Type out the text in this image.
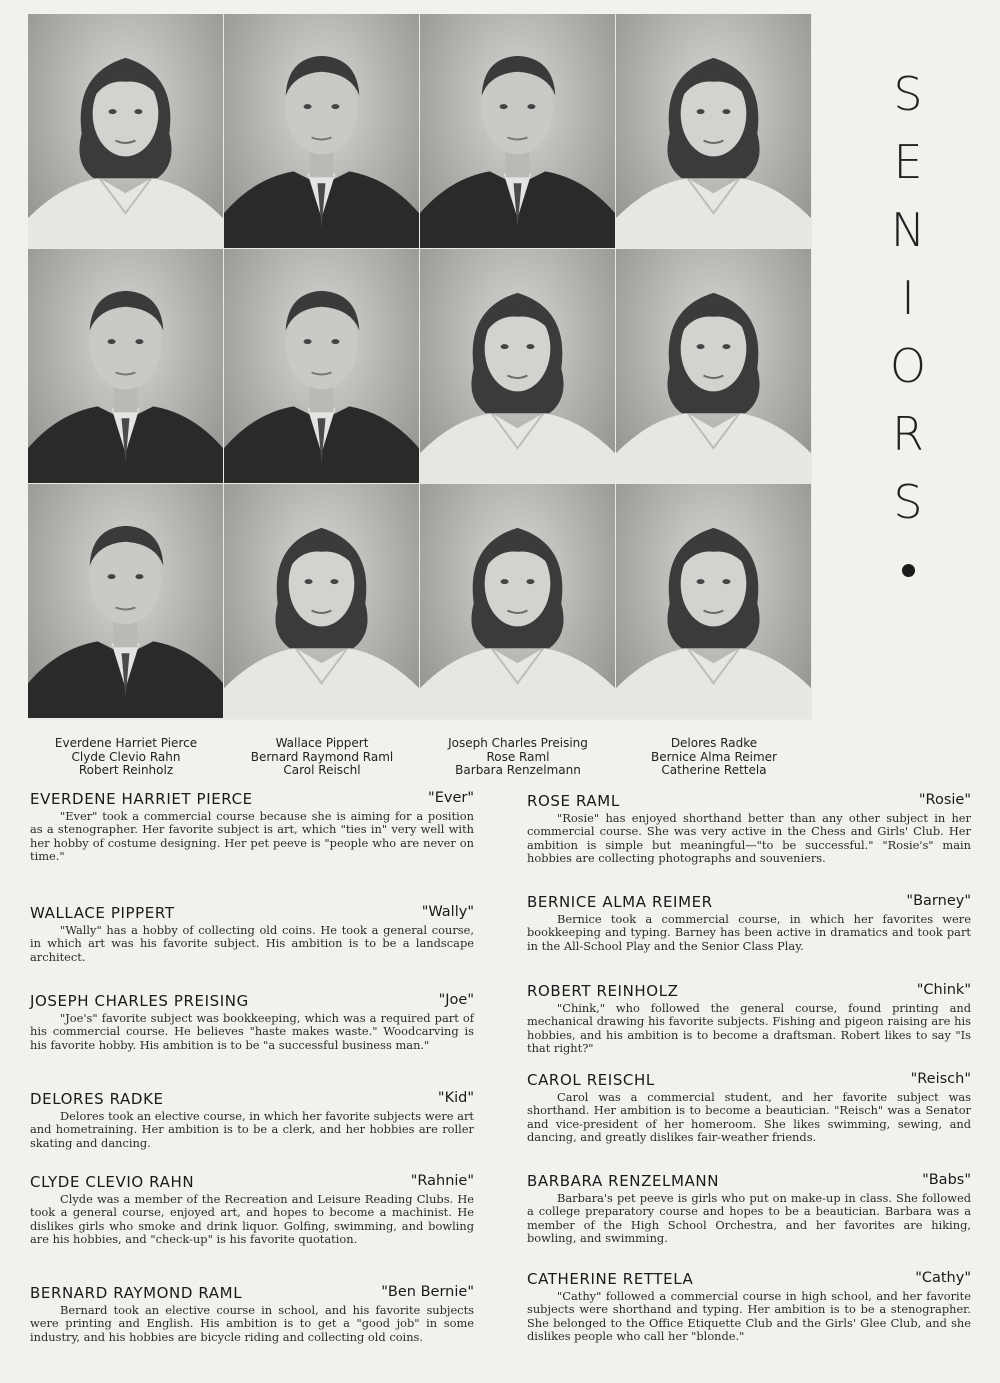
S
E
N
I
O
R
S
Everdene Harriet Pierce
Clyde Clevio Rahn
Robert Reinholz
Wallace Pippert
Bernard Raymond Raml
Carol Reischl
Joseph Charles Preising
Rose Raml
Barbara Renzelmann
Delores Radke
Bernice Alma Reimer
Catherine Rettela
EVERDENE HARRIET PIERCE	"Ever"
"Ever" took a commercial course because she is aiming for a position as a stenographer. Her favorite subject is art, which "ties in" very well with her hobby of costume designing. Her pet peeve is "people who are never on time."
WALLACE PIPPERT	"Wally"
"Wally" has a hobby of collecting old coins. He took a general course, in which art was his favorite subject. His ambition is to be a landscape architect.
JOSEPH CHARLES PREISING	"Joe"
"Joe's" favorite subject was bookkeeping, which was a required part of his commercial course. He believes "haste makes waste." Woodcarving is his favorite hobby. His ambition is to be "a successful business man."
DELORES RADKE	"Kid"
Delores took an elective course, in which her favorite subjects were art and hometraining. Her ambition is to be a clerk, and her hobbies are roller skating and dancing.
CLYDE CLEVIO RAHN	"Rahnie"
Clyde was a member of the Recreation and Leisure Reading Clubs. He took a general course, enjoyed art, and hopes to become a machinist. He dislikes girls who smoke and drink liquor. Golfing, swimming, and bowling are his hobbies, and "check-up" is his favorite quotation.
BERNARD RAYMOND RAML	"Ben Bernie"
Bernard took an elective course in school, and his favorite subjects were printing and English. His ambition is to get a "good job" in some industry, and his hobbies are bicycle riding and collecting old coins.
ROSE RAML	"Rosie"
"Rosie" has enjoyed shorthand better than any other subject in her commercial course. She was very active in the Chess and Girls' Club. Her ambition is simple but meaningful—"to be successful." "Rosie's" main hobbies are collecting photographs and souveniers.
BERNICE ALMA REIMER	"Barney"
Bernice took a commercial course, in which her favorites were bookkeeping and typing. Barney has been active in dramatics and took part in the All-School Play and the Senior Class Play.
ROBERT REINHOLZ	"Chink"
"Chink," who followed the general course, found printing and mechanical drawing his favorite subjects. Fishing and pigeon raising are his hobbies, and his ambition is to become a draftsman. Robert likes to say "Is that right?"
CAROL REISCHL	"Reisch"
Carol was a commercial student, and her favorite subject was shorthand. Her ambition is to become a beautician. "Reisch" was a Senator and vice-president of her homeroom. She likes swimming, sewing, and dancing, and greatly dislikes fair-weather friends.
BARBARA RENZELMANN	"Babs"
Barbara's pet peeve is girls who put on make-up in class. She followed a college preparatory course and hopes to be a beautician. Barbara was a member of the High School Orchestra, and her favorites are hiking, bowling, and swimming.
CATHERINE RETTELA	"Cathy"
"Cathy" followed a commercial course in high school, and her favorite subjects were shorthand and typing. Her ambition is to be a stenographer. She belonged to the Office Etiquette Club and the Girls' Glee Club, and she dislikes people who call her "blonde."
